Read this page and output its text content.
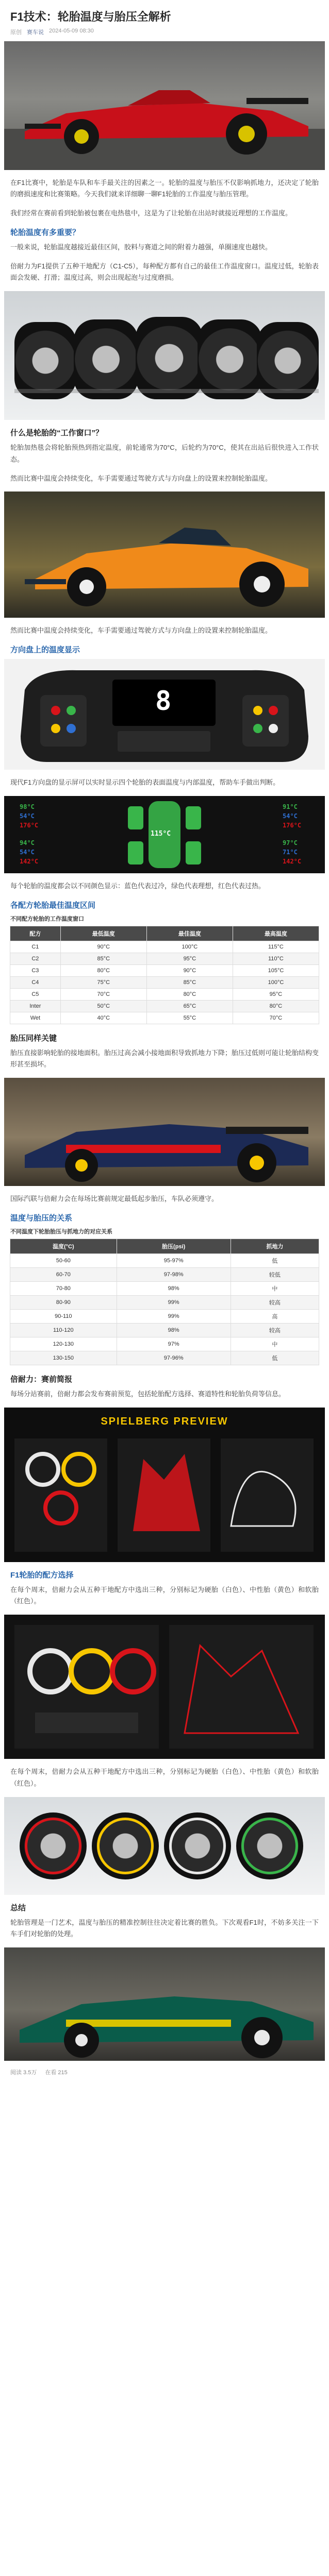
F1技术：轮胎温度与胎压全解析
原创 赛车说 2024-05-09 08:30

在F1比赛中，轮胎是车队和车手最关注的因素之一。轮胎的温度与胎压不仅影响抓地力，还决定了轮胎的磨损速度和比赛策略。今天我们就来详细聊一聊F1轮胎的工作温度与胎压管理。

我们经常在赛前看到轮胎被包裹在电热毯中，这是为了让轮胎在出站时就接近理想的工作温度。

轮胎温度有多重要？

一般来说，轮胎温度越接近最佳区间，胶料与赛道之间的附着力越强，单圈速度也越快。

倍耐力为F1提供了五种干地配方（C1-C5），每种配方都有自己的最佳工作温度窗口。温度过低，轮胎表面会发硬、打滑；温度过高，则会出现起泡与过度磨损。

什么是轮胎的“工作窗口”？

轮胎加热毯会将轮胎预热到指定温度，前轮通常为70°C，后轮约为70°C，使其在出站后很快进入工作状态。

然而比赛中温度会持续变化，车手需要通过驾驶方式与方向盘上的设置来控制轮胎温度。

然而比赛中温度会持续变化，车手需要通过驾驶方式与方向盘上的设置来控制轮胎温度。

方向盘上的温度显示
8

现代F1方向盘的显示屏可以实时显示四个轮胎的表面温度与内部温度，帮助车手做出判断。

98°C
54°C
176°C
91°C
54°C
176°C
94°C
54°C
142°C
97°C
71°C
142°C
115°C

每个轮胎的温度都会以不同颜色显示：蓝色代表过冷，绿色代表理想，红色代表过热。

各配方轮胎最佳温度区间
不同配方轮胎的工作温度窗口
配方	最低温度	最佳温度	最高温度
C1	90°C	100°C	115°C
C2	85°C	95°C	110°C
C3	80°C	90°C	105°C
C4	75°C	85°C	100°C
C5	70°C	80°C	95°C
Inter	50°C	65°C	80°C
Wet	40°C	55°C	70°C
胎压同样关键

胎压直接影响轮胎的接地面积。胎压过高会减小接地面积导致抓地力下降；胎压过低则可能让轮胎结构变形甚至损坏。

国际汽联与倍耐力会在每场比赛前规定最低起步胎压，车队必须遵守。

温度与胎压的关系
不同温度下轮胎胎压与抓地力的对应关系
温度(°C)	胎压(psi)	抓地力
50-60	95-97%	低
60-70	97-98%	较低
70-80	98%	中
80-90	99%	较高
90-110	99%	高
110-120	98%	较高
120-130	97%	中
130-150	97-96%	低
倍耐力：赛前简报

每场分站赛前，倍耐力都会发布赛前预览，包括轮胎配方选择、赛道特性和轮胎负荷等信息。

SPIELBERG PREVIEW
F1轮胎的配方选择

在每个周末，倍耐力会从五种干地配方中选出三种，分别标记为硬胎（白色）、中性胎（黄色）和软胎（红色）。

在每个周末，倍耐力会从五种干地配方中选出三种，分别标记为硬胎（白色）、中性胎（黄色）和软胎（红色）。

总结

轮胎管理是一门艺术，温度与胎压的精准控制往往决定着比赛的胜负。下次观看F1时，不妨多关注一下车手们对轮胎的处理。

阅读 3.5万 在看 215
